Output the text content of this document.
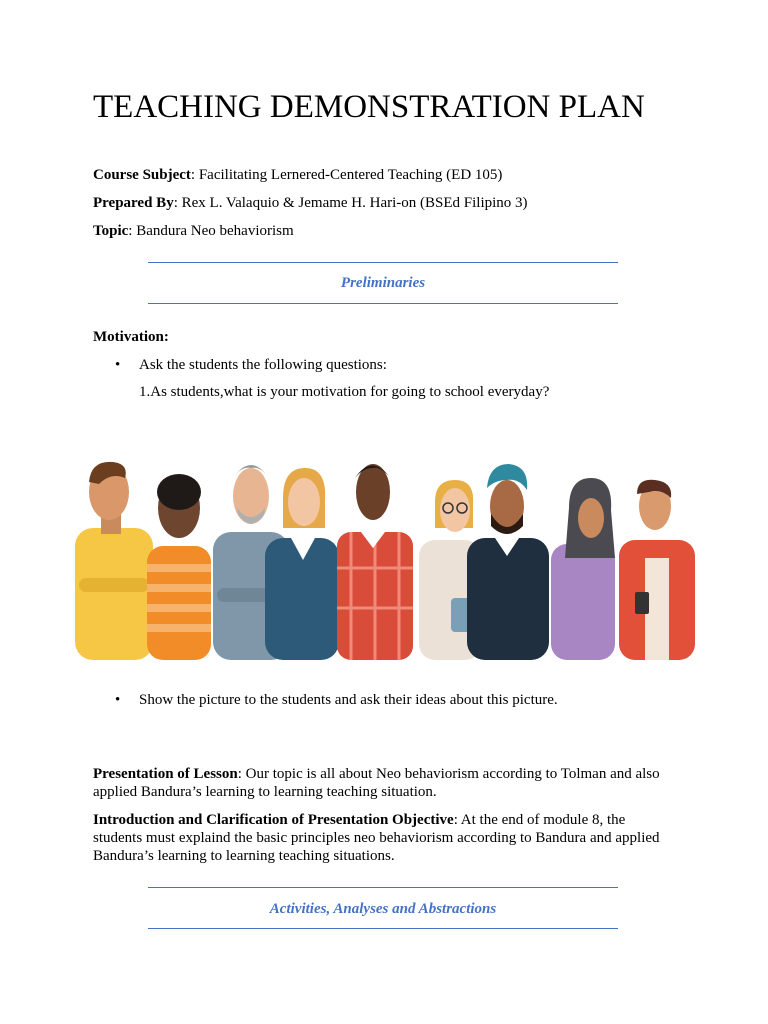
TEACHING DEMONSTRATION PLAN
Course Subject: Facilitating Lernered-Centered Teaching (ED 105)
Prepared By: Rex L. Valaquio & Jemame H. Hari-on (BSEd Filipino 3)
Topic: Bandura Neo behaviorism
Preliminaries
Motivation:
• Ask the students the following questions:
1.As students,what is your motivation for going to school everyday?
• Show the picture to the students and ask their ideas about this picture.
Presentation of Lesson: Our topic is all about Neo behaviorism according to Tolman and also applied Bandura’s learning to learning teaching situation.
Introduction and Clarification of Presentation Objective: At the end of module 8, the students must explaind the basic principles neo behaviorism according to Bandura and applied Bandura’s learning to learning teaching situations.
Activities, Analyses and Abstractions
